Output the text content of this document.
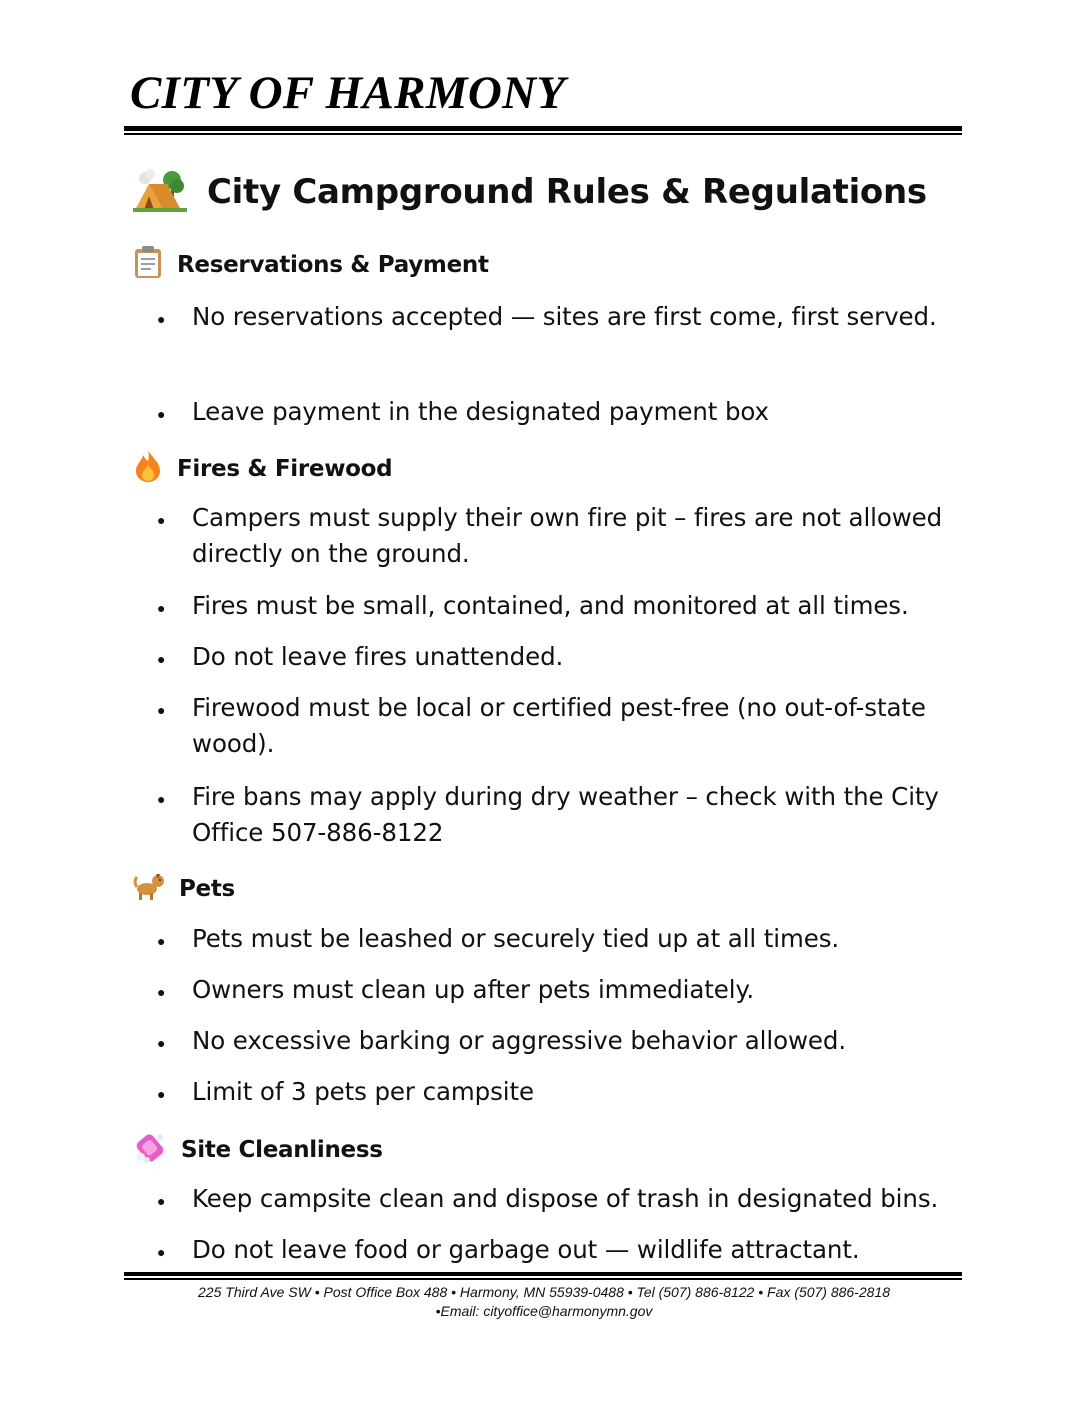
CITY OF HARMONY
City Campground Rules & Regulations
Reservations & Payment
● No reservations accepted — sites are first come, first served.
● Leave payment in the designated payment box
Fires & Firewood
● Campers must supply their own fire pit – fires are not allowed directly on the ground.
● Fires must be small, contained, and monitored at all times.
● Do not leave fires unattended.
● Firewood must be local or certified pest-free (no out-of-state wood).
● Fire bans may apply during dry weather – check with the City Office 507-886-8122
Pets
● Pets must be leashed or securely tied up at all times.
● Owners must clean up after pets immediately.
● No excessive barking or aggressive behavior allowed.
● Limit of 3 pets per campsite
Site Cleanliness
● Keep campsite clean and dispose of trash in designated bins.
● Do not leave food or garbage out — wildlife attractant.
225 Third Ave SW • Post Office Box 488 • Harmony, MN 55939-0488 • Tel (507) 886-8122 • Fax (507) 886-2818
•Email: cityoffice@harmonymn.gov
